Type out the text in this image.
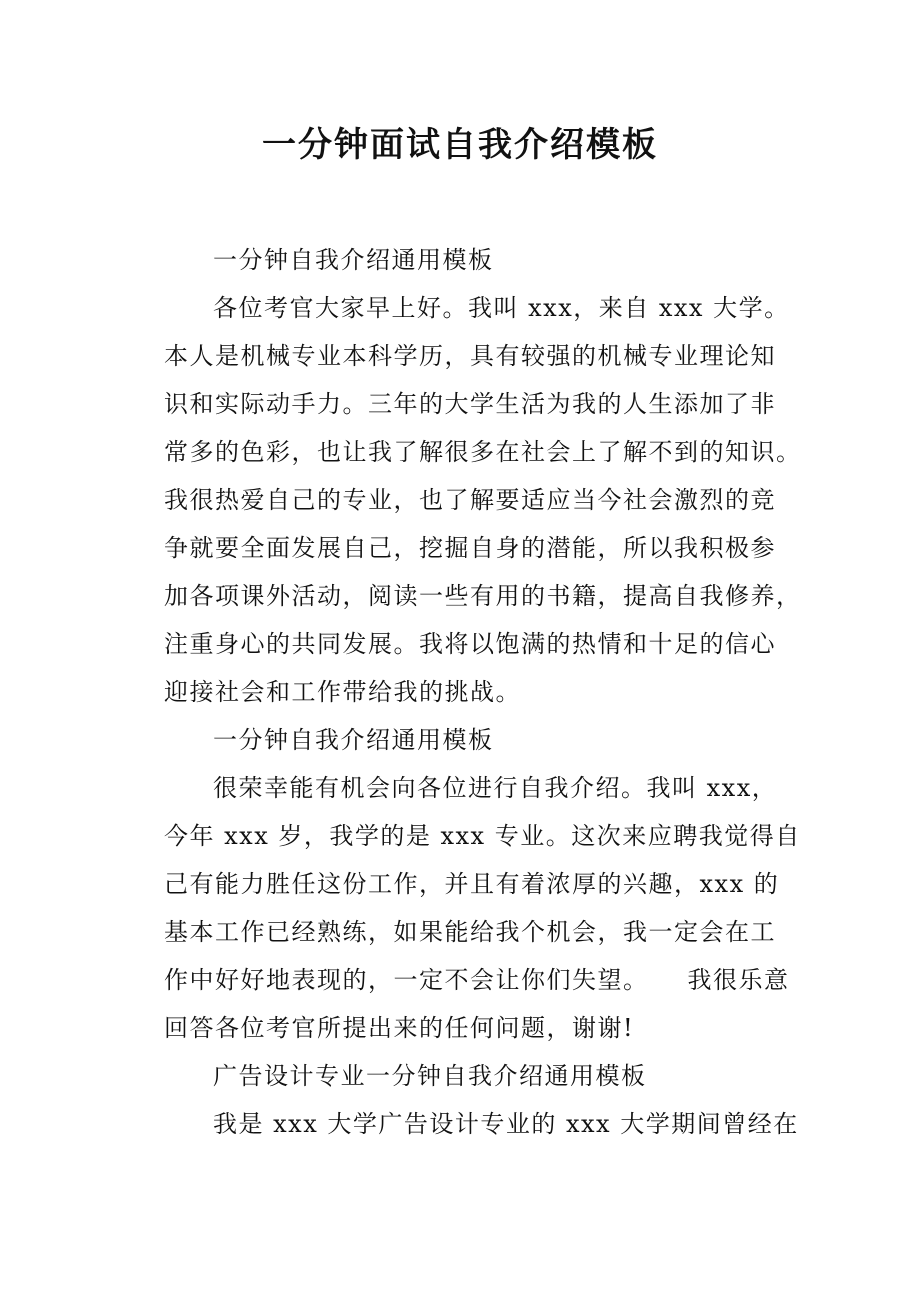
一分钟面试自我介绍模板
一分钟自我介绍通用模板
各位考官大家早上好。我叫 xxx，来自 xxx 大学。
本人是机械专业本科学历，具有较强的机械专业理论知
识和实际动手力。三年的大学生活为我的人生添加了非
常多的色彩，也让我了解很多在社会上了解不到的知识。
我很热爱自己的专业，也了解要适应当今社会激烈的竞
争就要全面发展自己，挖掘自身的潜能，所以我积极参
加各项课外活动，阅读一些有用的书籍，提高自我修养，
注重身心的共同发展。我将以饱满的热情和十足的信心
迎接社会和工作带给我的挑战。
一分钟自我介绍通用模板
很荣幸能有机会向各位进行自我介绍。我叫 xxx，
今年 xxx 岁，我学的是 xxx 专业。这次来应聘我觉得自
己有能力胜任这份工作，并且有着浓厚的兴趣，xxx 的
基本工作已经熟练，如果能给我个机会，我一定会在工
作中好好地表现的，一定不会让你们失望。　　我很乐意
回答各位考官所提出来的任何问题，谢谢!
广告设计专业一分钟自我介绍通用模板
我是 xxx 大学广告设计专业的 xxx 大学期间曾经在
